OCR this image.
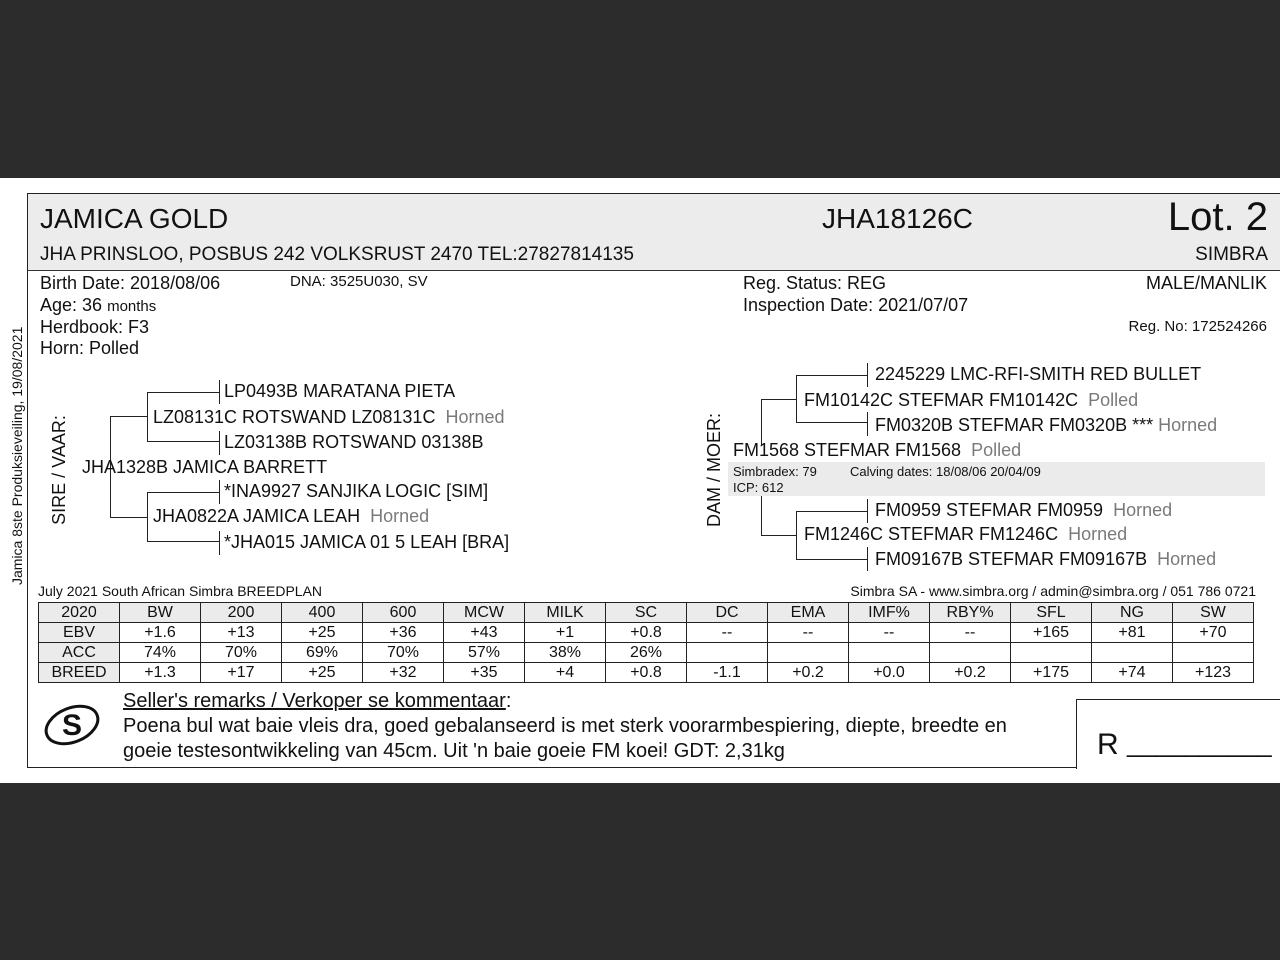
Jamica 8ste Produksieveiling, 19/08/2021
JAMICA GOLD	JHA18126C	Lot. 2
JHA PRINSLOO, POSBUS 242 VOLKSRUST 2470 TEL:27827814135	SIMBRA
Birth Date: 2018/08/06	DNA: 3525U030, SV
Age: 36 months
Herdbook: F3
Horn: Polled
Reg. Status: REG
Inspection Date: 2021/07/07
MALE/MANLIK
Reg. No: 172524266
SIRE / VAAR:
LP0493B MARATANA PIETA
LZ08131C ROTSWAND LZ08131C Horned
LZ03138B ROTSWAND 03138B
JHA1328B JAMICA BARRETT
*INA9927 SANJIKA LOGIC [SIM]
JHA0822A JAMICA LEAH Horned
*JHA015 JAMICA 01 5 LEAH [BRA]
DAM / MOER:
2245229 LMC-RFI-SMITH RED BULLET
FM10142C STEFMAR FM10142C Polled
FM0320B STEFMAR FM0320B *** Horned
FM1568 STEFMAR FM1568 Polled
Simbradex: 79	Calving dates: 18/08/06 20/04/09
ICP: 612
FM0959 STEFMAR FM0959 Horned
FM1246C STEFMAR FM1246C Horned
FM09167B STEFMAR FM09167B Horned
July 2021 South African Simbra BREEDPLAN	Simbra SA - www.simbra.org / admin@simbra.org / 051 786 0721
2020	BW	200	400	600	MCW	MILK	SC	DC	EMA	IMF%	RBY%	SFL	NG	SW
EBV	+1.6	+13	+25	+36	+43	+1	+0.8	--	--	--	--	+165	+81	+70
ACC	74%	70%	69%	70%	57%	38%	26%							
BREED	+1.3	+17	+25	+32	+35	+4	+0.8	-1.1	+0.2	+0.0	+0.2	+175	+74	+123
S
Seller's remarks / Verkoper se kommentaar:
Poena bul wat baie vleis dra, goed gebalanseerd is met sterk voorarmbespiering, diepte, breedte en
goeie testesontwikkeling van 45cm. Uit 'n baie goeie FM koei! GDT: 2,31kg	R __________
